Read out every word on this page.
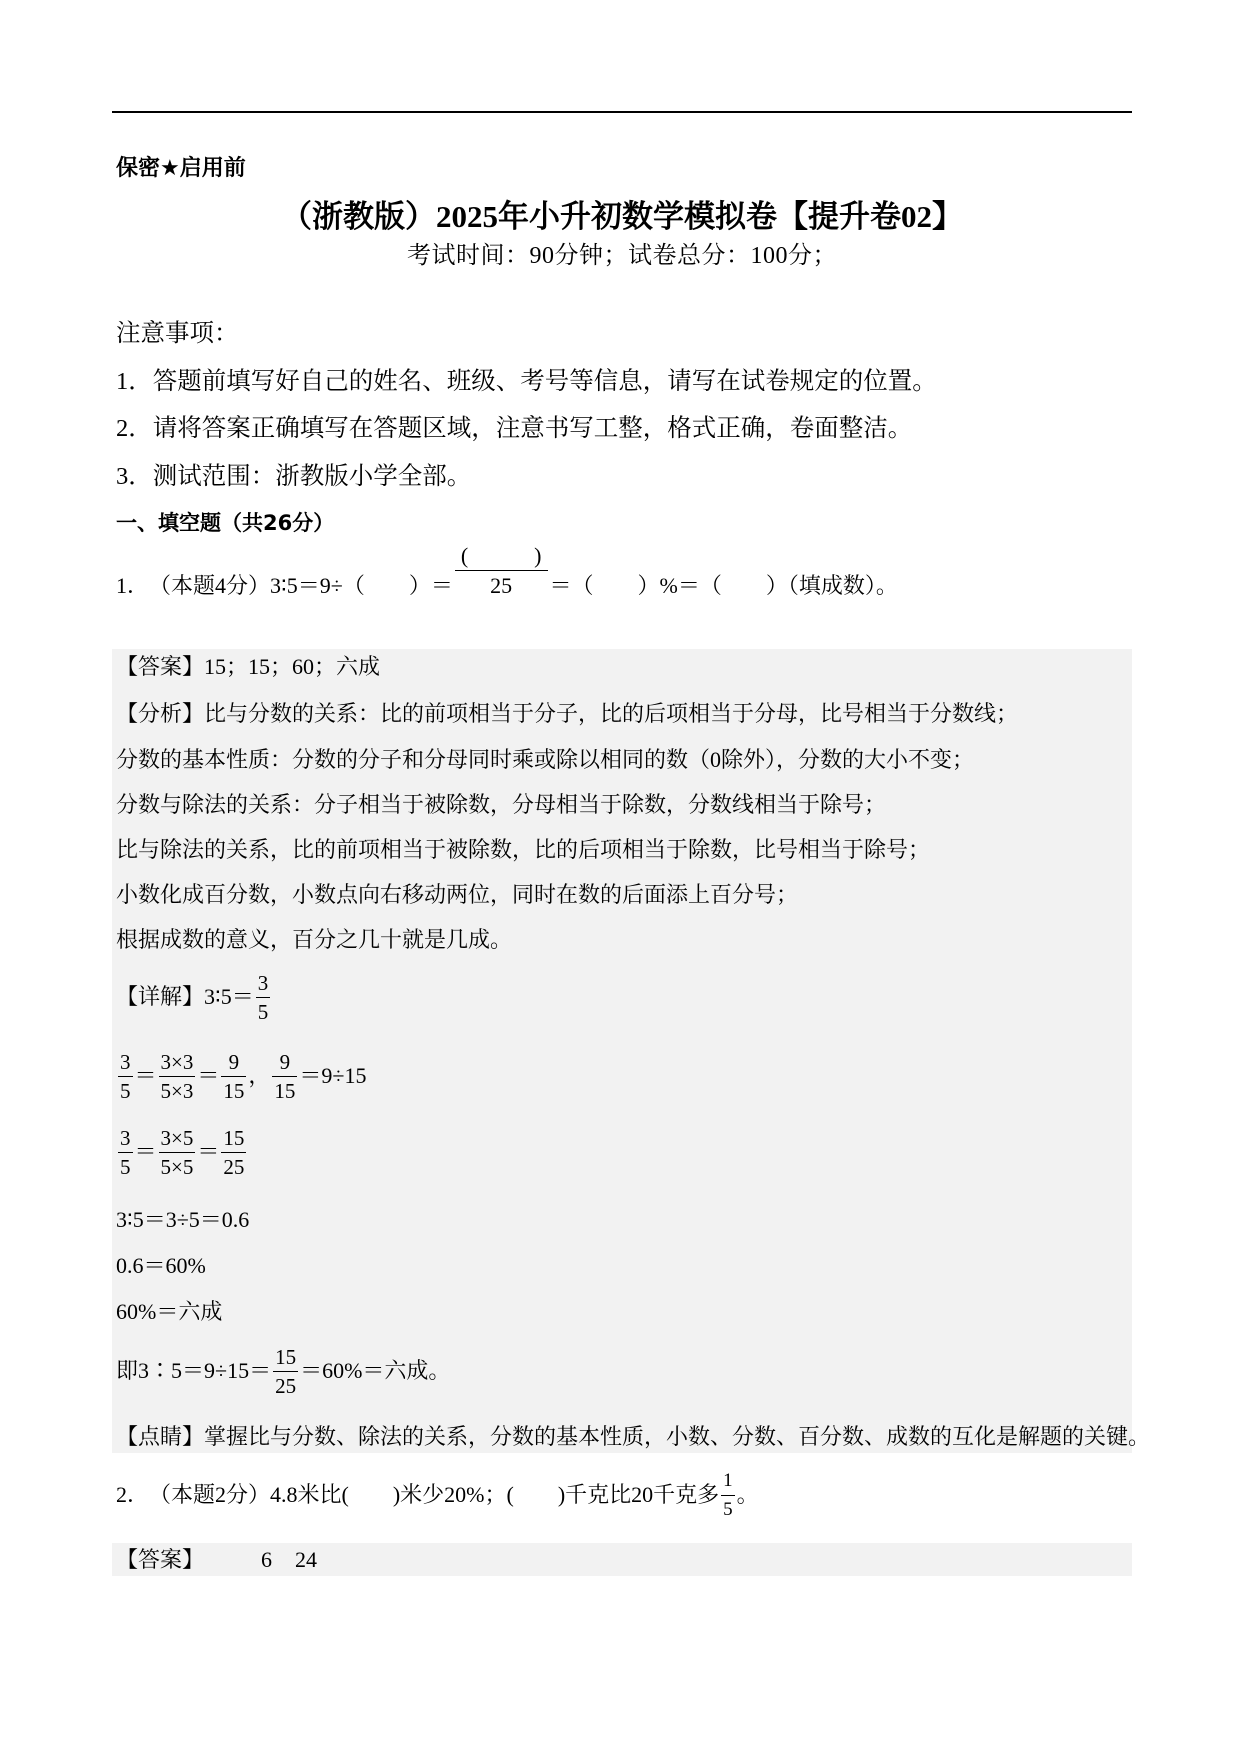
保密★启用前
（浙教版）2025年小升初数学模拟卷【提升卷02】
考试时间：90分钟；试卷总分：100分；
注意事项：
1．答题前填写好自己的姓名、班级、考号等信息，请写在试卷规定的位置。
2．请将答案正确填写在答题区域，注意书写工整，格式正确，卷面整洁。
3．测试范围：浙教版小学全部。
一、填空题（共26分）
1． （本题4分） 3∶5＝9÷（　　）＝ $\frac{( )}{25}$ ＝（　　）%＝（　　）（填成数）。
【答案】 15；15；60；六成
【分析】 比与分数的关系：比的前项相当于分子，比的后项相当于分母，比号相当于分数线；
分数的基本性质：分数的分子和分母同时乘或除以相同的数（0除外），分数的大小不变；
分数与除法的关系：分子相当于被除数，分母相当于除数，分数线相当于除号；
比与除法的关系，比的前项相当于被除数，比的后项相当于除数，比号相当于除号；
小数化成百分数，小数点向右移动两位，同时在数的后面添上百分号；
根据成数的意义，百分之几十就是几成。
【详解】 3∶5＝ $\frac{3}{5}$
$\frac{3}{5} = \frac{3\times 3}{5\times 3} = \frac{9}{15}$ ， $\frac{9}{15} =9\div 15$
$\frac{3}{5} = \frac{3\times 5}{5\times 5} = \frac{15}{25}$
3∶5＝3÷5＝0.6
0.6＝60%
60%＝六成
即3∶5＝9÷15＝ $\frac{15}{25} =60\%=$六成。
【点睛】 掌握比与分数、除法的关系，分数的基本性质，小数、分数、百分数、成数的互化是解题的关键。
2． （本题2分） 4.8米比(　　)米少20%；(　　)千克比20千克多 $\frac{1}{5}$ 。
【答案】	6 24
